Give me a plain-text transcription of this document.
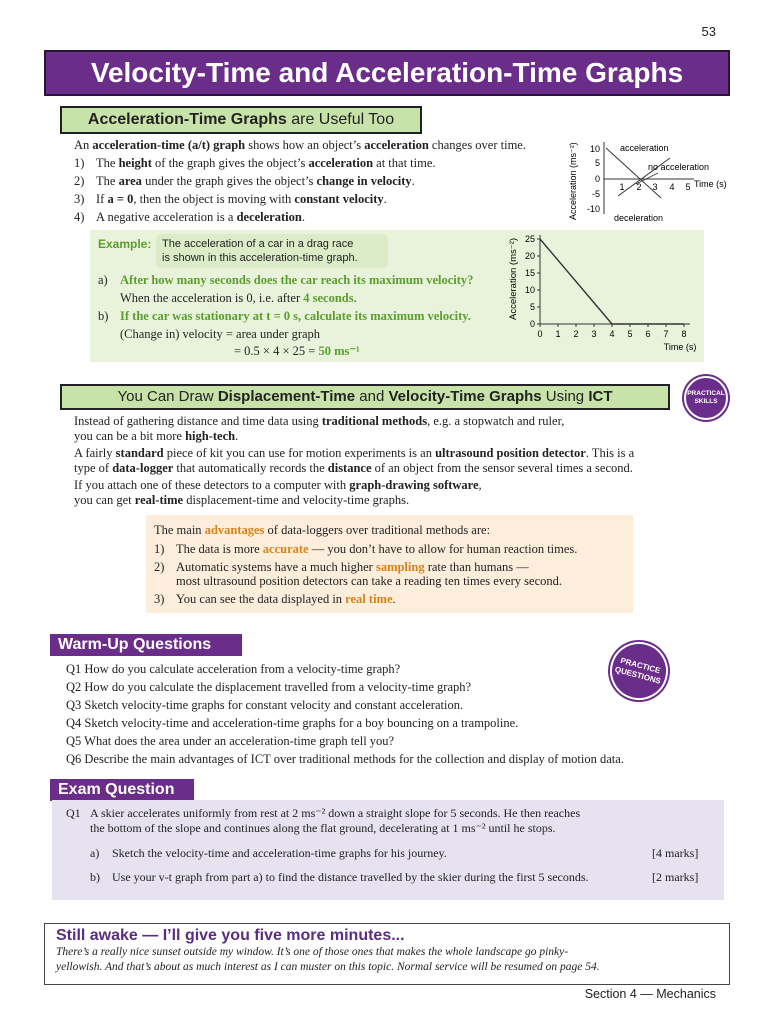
53
Velocity-Time and Acceleration-Time Graphs
Acceleration-Time Graphs are Useful Too

An acceleration-time (a/t) graph shows how an object’s acceleration changes over time.

1) The height of the graph gives the object’s acceleration at that time.

2) The area under the graph gives the object’s change in velocity.

3) If a = 0, then the object is moving with constant velocity.

4) A negative acceleration is a deceleration.	Acceleration (ms⁻²) 10
5
0
-5
-10
1 2 3 4 5 Time (s)
acceleration
no acceleration
deceleration
Example: The acceleration of a car in a drag race
is shown in this acceleration-time graph.

a) After how many seconds does the car reach its maximum velocity?

When the acceleration is 0, i.e. after 4 seconds.

b) If the car was stationary at t = 0 s, calculate its maximum velocity.

(Change in) velocity = area under graph

= 0.5 × 4 × 25 = 50 ms⁻¹

0
5
10
15
20
25
0 1 2 3 4 5 6 7 8
Time (s)
Acceleration (ms⁻²)
You Can Draw Displacement-Time and Velocity-Time Graphs Using ICT	PRACTICAL SKILLS

Instead of gathering distance and time data using traditional methods, e.g. a stopwatch and ruler,

you can be a bit more high-tech.

A fairly standard piece of kit you can use for motion experiments is an ultrasound position detector. This is a

type of data-logger that automatically records the distance of an object from the sensor several times a second.

If you attach one of these detectors to a computer with graph-drawing software,

you can get real-time displacement-time and velocity-time graphs.

The main advantages of data-loggers over traditional methods are:

1) The data is more accurate — you don’t have to allow for human reaction times.

2) Automatic systems have a much higher sampling rate than humans —

most ultrasound position detectors can take a reading ten times every second.

3) You can see the data displayed in real time.

Warm-Up Questions
PRACTICE QUESTIONS

Q1 How do you calculate acceleration from a velocity-time graph?

Q2 How do you calculate the displacement travelled from a velocity-time graph?

Q3 Sketch velocity-time graphs for constant velocity and constant acceleration.

Q4 Sketch velocity-time and acceleration-time graphs for a boy bouncing on a trampoline.

Q5 What does the area under an acceleration-time graph tell you?

Q6 Describe the main advantages of ICT over traditional methods for the collection and display of motion data.

Exam Question

Q1 A skier accelerates uniformly from rest at 2 ms⁻² down a straight slope for 5 seconds. He then reaches

the bottom of the slope and continues along the flat ground, decelerating at 1 ms⁻² until he stops.

a) Sketch the velocity-time and acceleration-time graphs for his journey.	[4 marks]

b) Use your v-t graph from part a) to find the distance travelled by the skier during the first 5 seconds.	[2 marks]

Still awake — I’ll give you five more minutes...

There’s a really nice sunset outside my window. It’s one of those ones that makes the whole landscape go pinky-

yellowish. And that’s about as much interest as I can muster on this topic. Normal service will be resumed on page 54.

Section 4 — Mechanics
